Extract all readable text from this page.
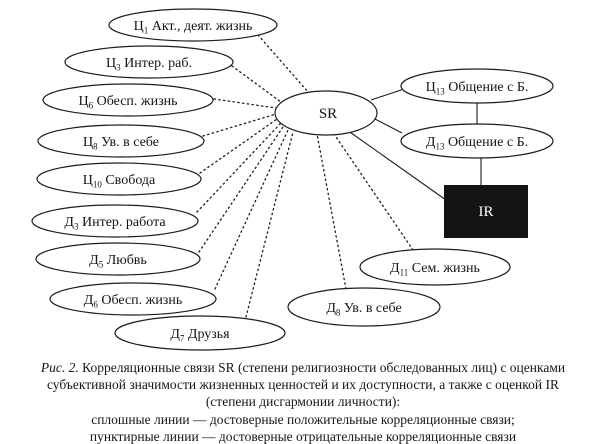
$Ц_1$ Акт., деят. жизнь
$Ц_3$ Интер. раб.
$Ц_6$ Обесп. жизнь
$Ц_8$ Ув. в себе
$Ц_{10}$ Свобода
$Д_3$ Интер. работа
$Д_5$ Любвь
$Д_6$ Обесп. жизнь
$Д_7$ Друзья
$Ц_{13}$ Общение с Б.
$Д_{13}$ Общение с Б.
$Д_{11}$ Сем. жизнь
$Д_8$ Ув. в себе
SR
IR
Рис. 2. Корреляционные связи SR (степени религиозности обследованных лиц) с оценками
субъективной значимости жизненных ценностей и их доступности, а также с оценкой IR
(степени дисгармонии личности):
сплошные линии — достоверные положительные корреляционные связи;
пунктирные линии — достоверные отрицательные корреляционные связи
